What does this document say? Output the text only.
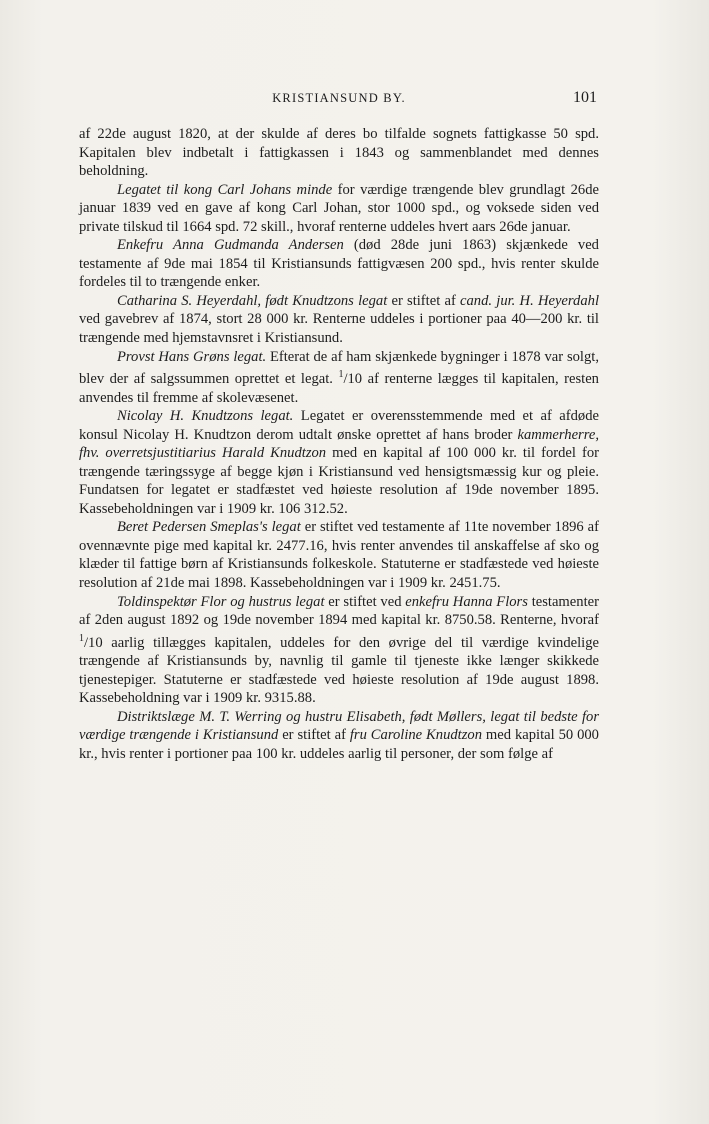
KRISTIANSUND BY.	101

af 22de august 1820, at der skulde af deres bo tilfalde sognets fattigkasse 50 spd. Kapitalen blev indbetalt i fattigkassen i 1843 og sammenblandet med dennes beholdning.

Legatet til kong Carl Johans minde for værdige trængende blev grundlagt 26de januar 1839 ved en gave af kong Carl Johan, stor 1000 spd., og voksede siden ved private tilskud til 1664 spd. 72 skill., hvoraf renterne uddeles hvert aars 26de januar.

Enkefru Anna Gudmanda Andersen (død 28de juni 1863) skjænkede ved testamente af 9de mai 1854 til Kristiansunds fattigvæsen 200 spd., hvis renter skulde fordeles til to trængende enker.

Catharina S. Heyerdahl, født Knudtzons legat er stiftet af cand. jur. H. Heyerdahl ved gavebrev af 1874, stort 28 000 kr. Renterne uddeles i portioner paa 40—200 kr. til trængende med hjemstavnsret i Kristiansund.

Provst Hans Grøns legat. Efterat de af ham skjænkede bygninger i 1878 var solgt, blev der af salgssummen oprettet et legat. $^1$/10 af renterne lægges til kapitalen, resten anvendes til fremme af skolevæsenet.

Nicolay H. Knudtzons legat. Legatet er overensstemmende med et af afdøde konsul Nicolay H. Knudtzon derom udtalt ønske oprettet af hans broder kammerherre, fhv. overretsjustitiarius Harald Knudtzon med en kapital af 100 000 kr. til fordel for trængende tæringssyge af begge kjøn i Kristiansund ved hensigtsmæssig kur og pleie. Fundatsen for legatet er stadfæstet ved høieste resolution af 19de november 1895. Kassebeholdningen var i 1909 kr. 106 312.52.

Beret Pedersen Smeplas's legat er stiftet ved testamente af 11te november 1896 af ovennævnte pige med kapital kr. 2477.16, hvis renter anvendes til anskaffelse af sko og klæder til fattige børn af Kristiansunds folkeskole. Statuterne er stadfæstede ved høieste resolution af 21de mai 1898. Kassebeholdningen var i 1909 kr. 2451.75.

Toldinspektør Flor og hustrus legat er stiftet ved enkefru Hanna Flors testamenter af 2den august 1892 og 19de november 1894 med kapital kr. 8750.58. Renterne, hvoraf $^1$/10 aarlig tillægges kapitalen, uddeles for den øvrige del til værdige kvindelige trængende af Kristiansunds by, navnlig til gamle til tjeneste ikke længer skikkede tjenestepiger. Statuterne er stadfæstede ved høieste resolution af 19de august 1898. Kassebeholdning var i 1909 kr. 9315.88.

Distriktslæge M. T. Werring og hustru Elisabeth, født Møllers, legat til bedste for værdige trængende i Kristiansund er stiftet af fru Caroline Knudtzon med kapital 50 000 kr., hvis renter i portioner paa 100 kr. uddeles aarlig til personer, der som følge af
